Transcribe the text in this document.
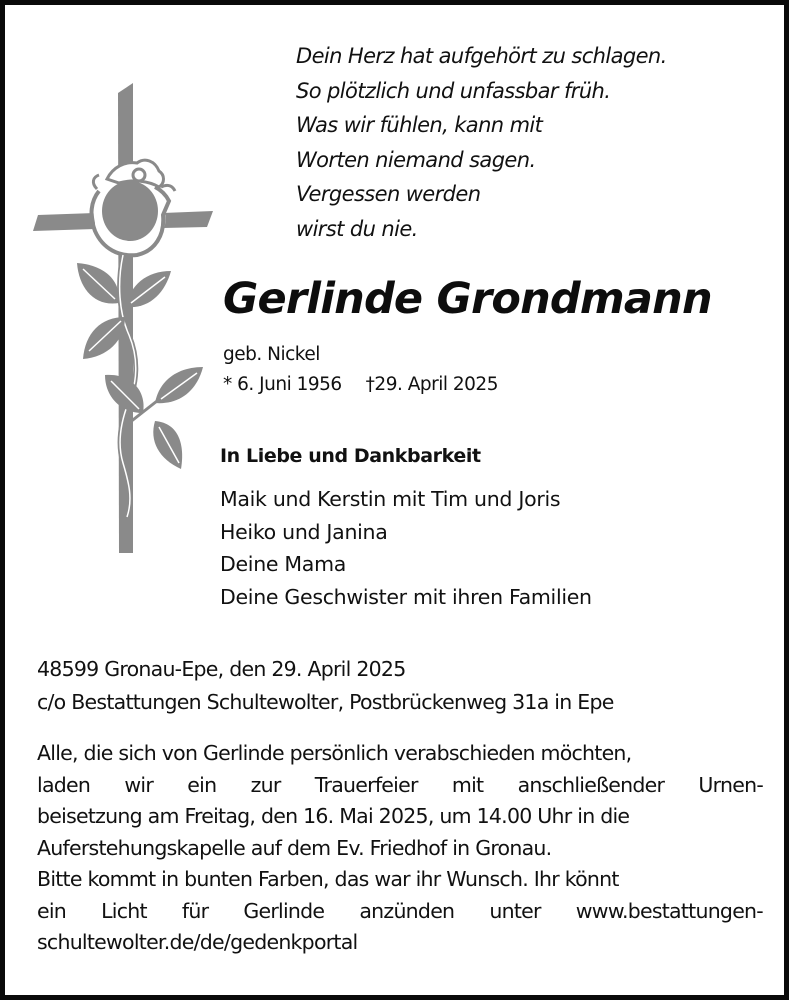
Dein Herz hat aufgehört zu schlagen.
So plötzlich und unfassbar früh.
Was wir fühlen, kann mit
Worten niemand sagen.
Vergessen werden
wirst du nie.
Gerlinde Grondmann
geb. Nickel
* 6. Juni 1956 †29. April 2025
In Liebe und Dankbarkeit
Maik und Kerstin mit Tim und Joris
Heiko und Janina
Deine Mama
Deine Geschwister mit ihren Familien
48599 Gronau-Epe, den 29. April 2025
c/o Bestattungen Schultewolter, Postbrückenweg 31a in Epe
Alle, die sich von Gerlinde persönlich verabschieden möchten,
laden wir ein zur Trauerfeier mit anschließender Urnen-
beisetzung am Freitag, den 16. Mai 2025, um 14.00 Uhr in die
Auferstehungskapelle auf dem Ev. Friedhof in Gronau.
Bitte kommt in bunten Farben, das war ihr Wunsch. Ihr könnt
ein Licht für Gerlinde anzünden unter www.bestattungen-
schultewolter.de/de/gedenkportal
